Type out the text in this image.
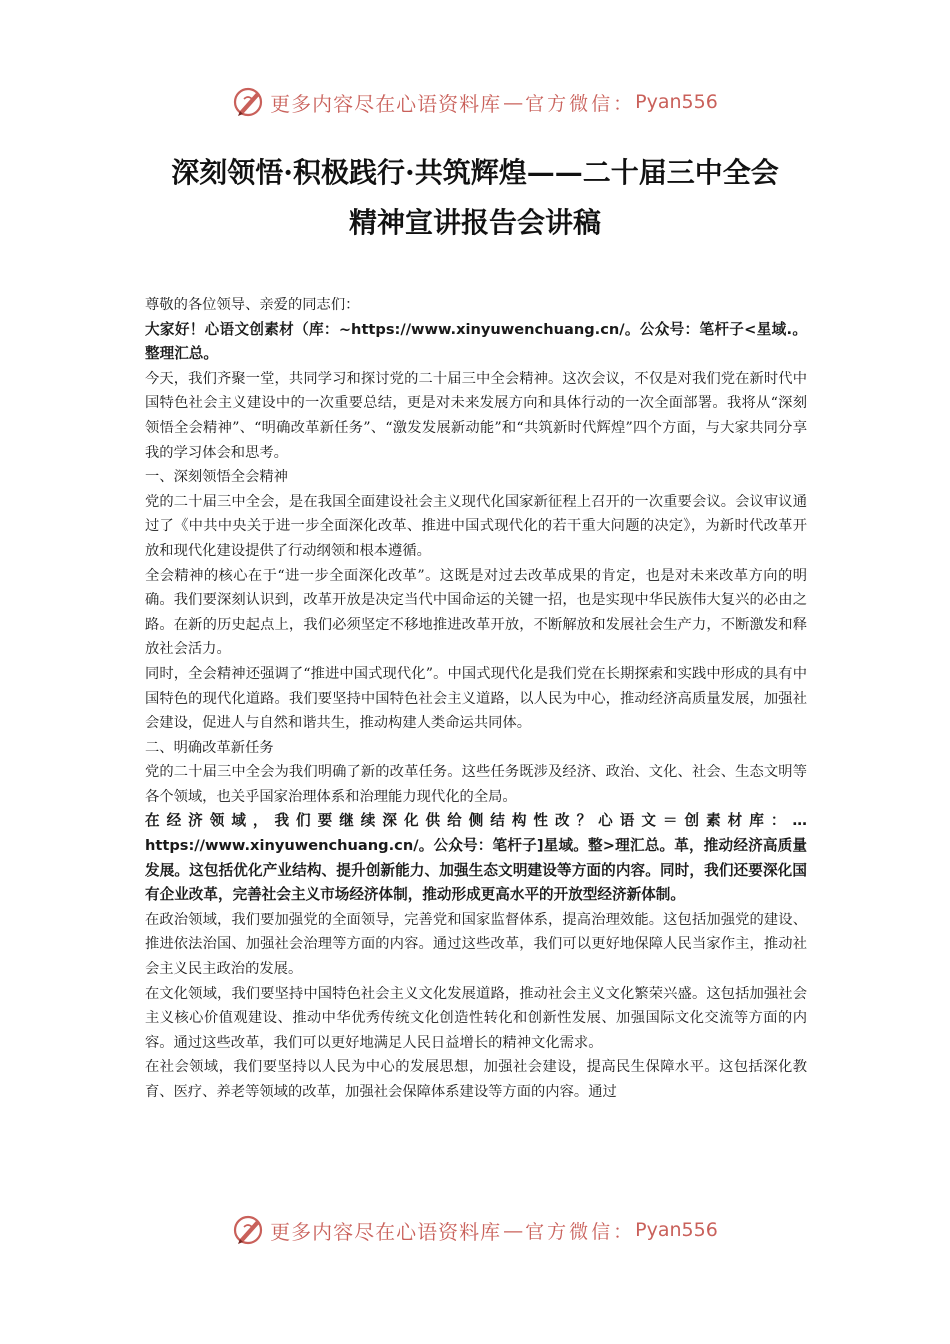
更多内容尽在心语资料库 — 官方微信： Pyan556
深刻领悟·积极践行·共筑辉煌——二十届三中全会
精神宣讲报告会讲稿

尊敬的各位领导、亲爱的同志们：

大家好！心语文创素材（库：~https://www.xinyuwenchuang.cn/。公众号：笔杆子<星域.。整理汇总。

今天，我们齐聚一堂，共同学习和探讨党的二十届三中全会精神。这次会议，不仅是对我们党在新时代中国特色社会主义建设中的一次重要总结，更是对未来发展方向和具体行动的一次全面部署。我将从“深刻领悟全会精神”、“明确改革新任务”、“激发发展新动能”和“共筑新时代辉煌”四个方面，与大家共同分享我的学习体会和思考。

一、深刻领悟全会精神

党的二十届三中全会，是在我国全面建设社会主义现代化国家新征程上召开的一次重要会议。会议审议通过了《中共中央关于进一步全面深化改革、推进中国式现代化的若干重大问题的决定》，为新时代改革开放和现代化建设提供了行动纲领和根本遵循。

全会精神的核心在于“进一步全面深化改革”。这既是对过去改革成果的肯定，也是对未来改革方向的明确。我们要深刻认识到，改革开放是决定当代中国命运的关键一招，也是实现中华民族伟大复兴的必由之路。在新的历史起点上，我们必须坚定不移地推进改革开放，不断解放和发展社会生产力，不断激发和释放社会活力。

同时，全会精神还强调了“推进中国式现代化”。中国式现代化是我们党在长期探索和实践中形成的具有中国特色的现代化道路。我们要坚持中国特色社会主义道路，以人民为中心，推动经济高质量发展，加强社会建设，促进人与自然和谐共生，推动构建人类命运共同体。

二、明确改革新任务

党的二十届三中全会为我们明确了新的改革任务。这些任务既涉及经济、政治、文化、社会、生态文明等各个领域，也关乎国家治理体系和治理能力现代化的全局。

在经济领域，我们要继续深化供给侧结构性改？心语文＝创素材库：…https://www.xinyuwenchuang.cn/。公众号：笔杆子]星域。整>理汇总。革，推动经济高质量发展。这包括优化产业结构、提升创新能力、加强生态文明建设等方面的内容。同时，我们还要深化国有企业改革，完善社会主义市场经济体制，推动形成更高水平的开放型经济新体制。

在政治领域，我们要加强党的全面领导，完善党和国家监督体系，提高治理效能。这包括加强党的建设、推进依法治国、加强社会治理等方面的内容。通过这些改革，我们可以更好地保障人民当家作主，推动社会主义民主政治的发展。

在文化领域，我们要坚持中国特色社会主义文化发展道路，推动社会主义文化繁荣兴盛。这包括加强社会主义核心价值观建设、推动中华优秀传统文化创造性转化和创新性发展、加强国际文化交流等方面的内容。通过这些改革，我们可以更好地满足人民日益增长的精神文化需求。

在社会领域，我们要坚持以人民为中心的发展思想，加强社会建设，提高民生保障水平。这包括深化教育、医疗、养老等领域的改革，加强社会保障体系建设等方面的内容。通过

更多内容尽在心语资料库 — 官方微信： Pyan556
